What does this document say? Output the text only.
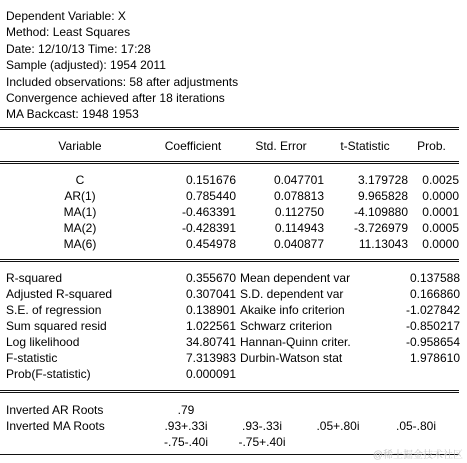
Dependent Variable: X
Method: Least Squares
Date: 12/10/13 Time: 17:28
Sample (adjusted): 1954 2011
Included observations: 58 after adjustments
Convergence achieved after 18 iterations
MA Backcast: 1948 1953
Variable	Coefficient	Std. Error	t-Statistic	Prob.
C	0.151676	0.047701	3.179728	0.0025
AR(1)	0.785440	0.078813	9.965828	0.0000
MA(1)	-0.463391	0.112750	-4.109880	0.0001
MA(2)	-0.428391	0.114943	-3.726979	0.0005
MA(6)	0.454978	0.040877	11.13043	0.0000
R-squared	0.355670 Mean dependent var	0.137588
Adjusted R-squared	0.307041 S.D. dependent var	0.166860
S.E. of regression	0.138901 Akaike info criterion	-1.027842
Sum squared resid	1.022561 Schwarz criterion	-0.850217
Log likelihood	34.80741 Hannan-Quinn criter.	-0.958654
F-statistic	7.313983 Durbin-Watson stat	1.978610
Prob(F-statistic)	0.000091
Inverted AR Roots	.79
Inverted MA Roots	.93+.33i	.93-.33i	.05+.80i	.05-.80i
-.75-.40i	-.75+.40i
@稀土掘金技术社区
